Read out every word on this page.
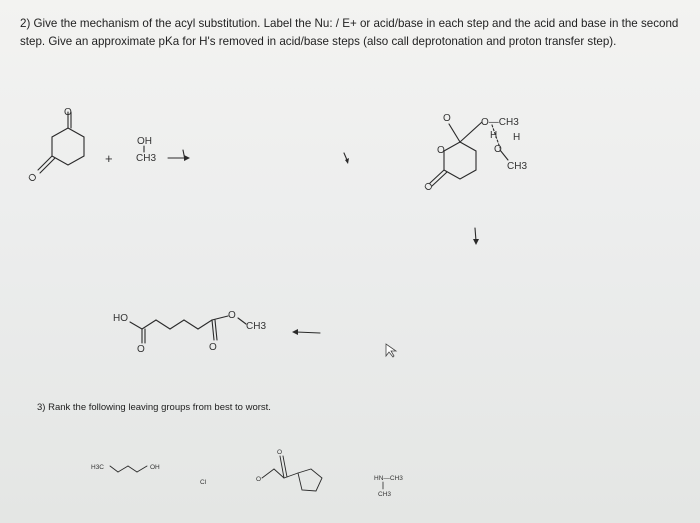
2) Give the mechanism of the acyl substitution. Label the Nu: / E+ or acid/base in each step and the acid and base in the second step. Give an approximate pKa for H's removed in acid/base steps (also call deprotonation and proton transfer step).
O
O
+
OH
CH3
O	O—CH3
H H
O
CH3
O
O
HO
O	O
O
CH3
H3C	OH
Cl	O
O
HN—CH3
CH3
3) Rank the following leaving groups from best to worst.
